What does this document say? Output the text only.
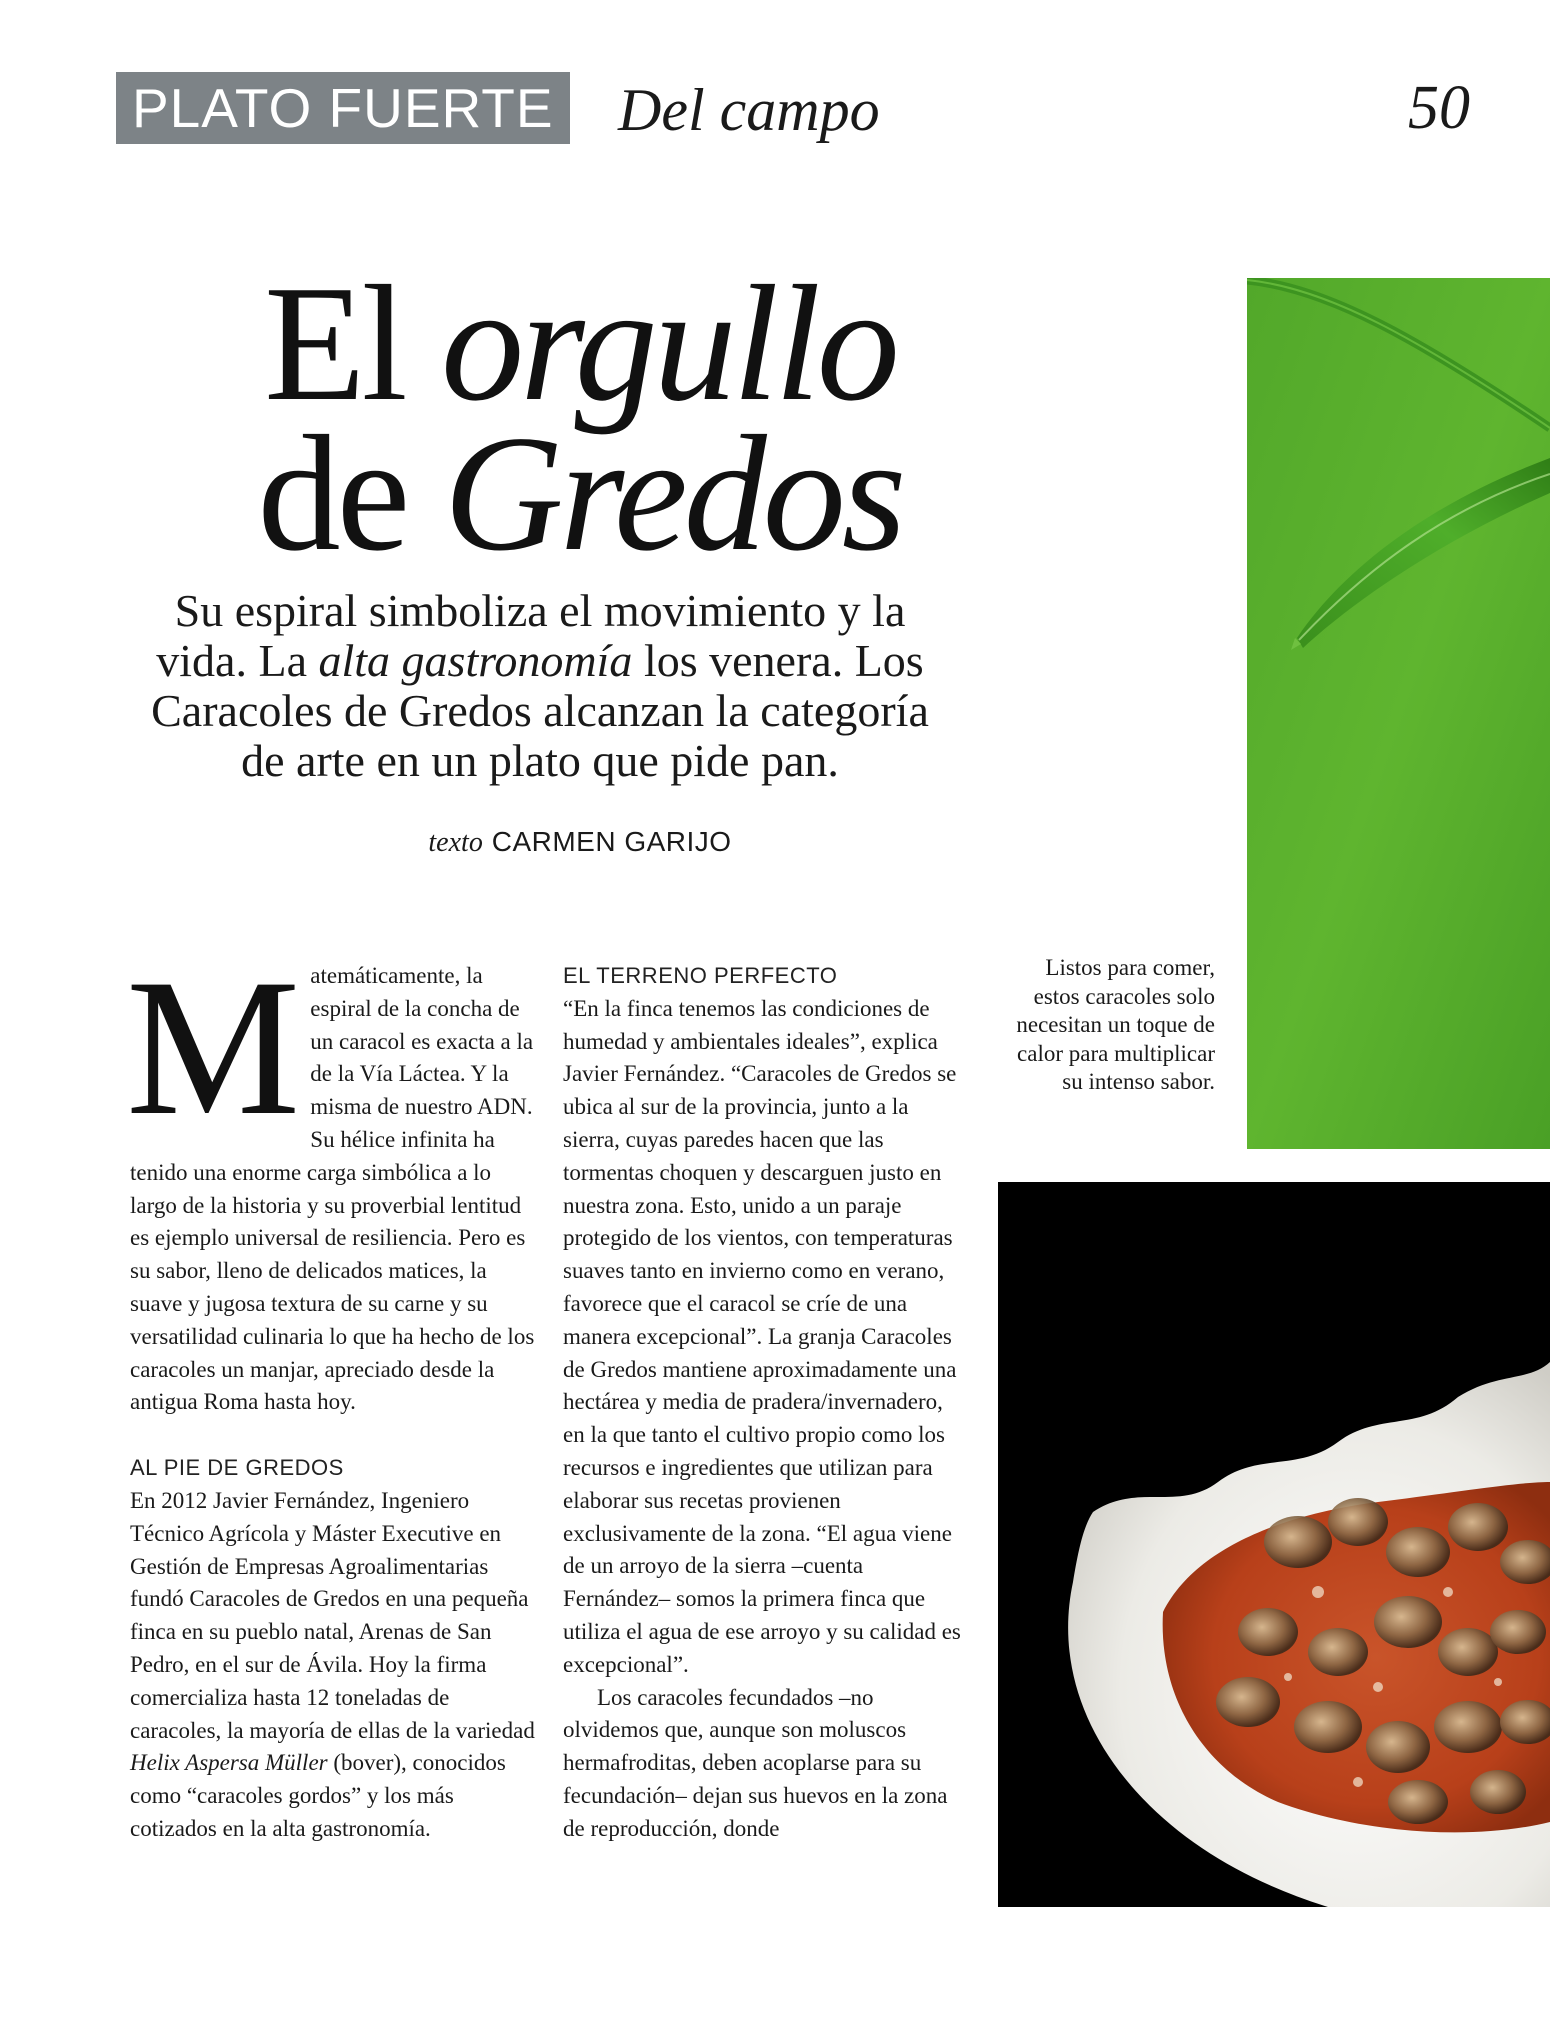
PLATO FUERTE Del campo	50
El orgullo
de Gredos
Su espiral simboliza el movimiento y la vida. La alta gastronomía los venera. Los Caracoles de Gredos alcanzan la categoría de arte en un plato que pide pan.
texto CARMEN GARIJO

Matemáticamente, la espiral de la concha de un caracol es exacta a la de la Vía Láctea. Y la misma de nuestro ADN. Su hélice infinita ha tenido una enorme carga simbólica a lo largo de la historia y su proverbial lentitud es ejemplo universal de resiliencia. Pero es su sabor, lleno de delicados matices, la suave y jugosa textura de su carne y su versatilidad culinaria lo que ha hecho de los caracoles un manjar, apreciado desde la antigua Roma hasta hoy.

AL PIE DE GREDOS

En 2012 Javier Fernández, Ingeniero Técnico Agrícola y Máster Executive en Gestión de Empresas Agroalimentarias fundó Caracoles de Gredos en una pequeña finca en su pueblo natal, Arenas de San Pedro, en el sur de Ávila. Hoy la firma comercializa hasta 12 toneladas de caracoles, la mayoría de ellas de la variedad Helix Aspersa Müller (bover), conocidos como “caracoles gordos” y los más cotizados en la alta gastronomía.

EL TERRENO PERFECTO

“En la finca tenemos las condiciones de humedad y ambientales ideales”, explica Javier Fernández. “Caracoles de Gredos se ubica al sur de la provincia, junto a la sierra, cuyas paredes hacen que las tormentas choquen y descarguen justo en nuestra zona. Esto, unido a un paraje protegido de los vientos, con temperaturas suaves tanto en invierno como en verano, favorece que el caracol se críe de una manera excepcional”. La granja Caracoles de Gredos mantiene aproximadamente una hectárea y media de pradera/invernadero, en la que tanto el cultivo propio como los recursos e ingredientes que utilizan para elaborar sus recetas provienen exclusivamente de la zona. “El agua viene de un arroyo de la sierra –cuenta Fernández– somos la primera finca que utiliza el agua de ese arroyo y su calidad es excepcional”.

Los caracoles fecundados –no olvidemos que, aunque son moluscos hermafroditas, deben acoplarse para su fecundación– dejan sus huevos en la zona de reproducción, donde

Listos para comer, estos caracoles solo necesitan un toque de calor para multiplicar su intenso sabor.
